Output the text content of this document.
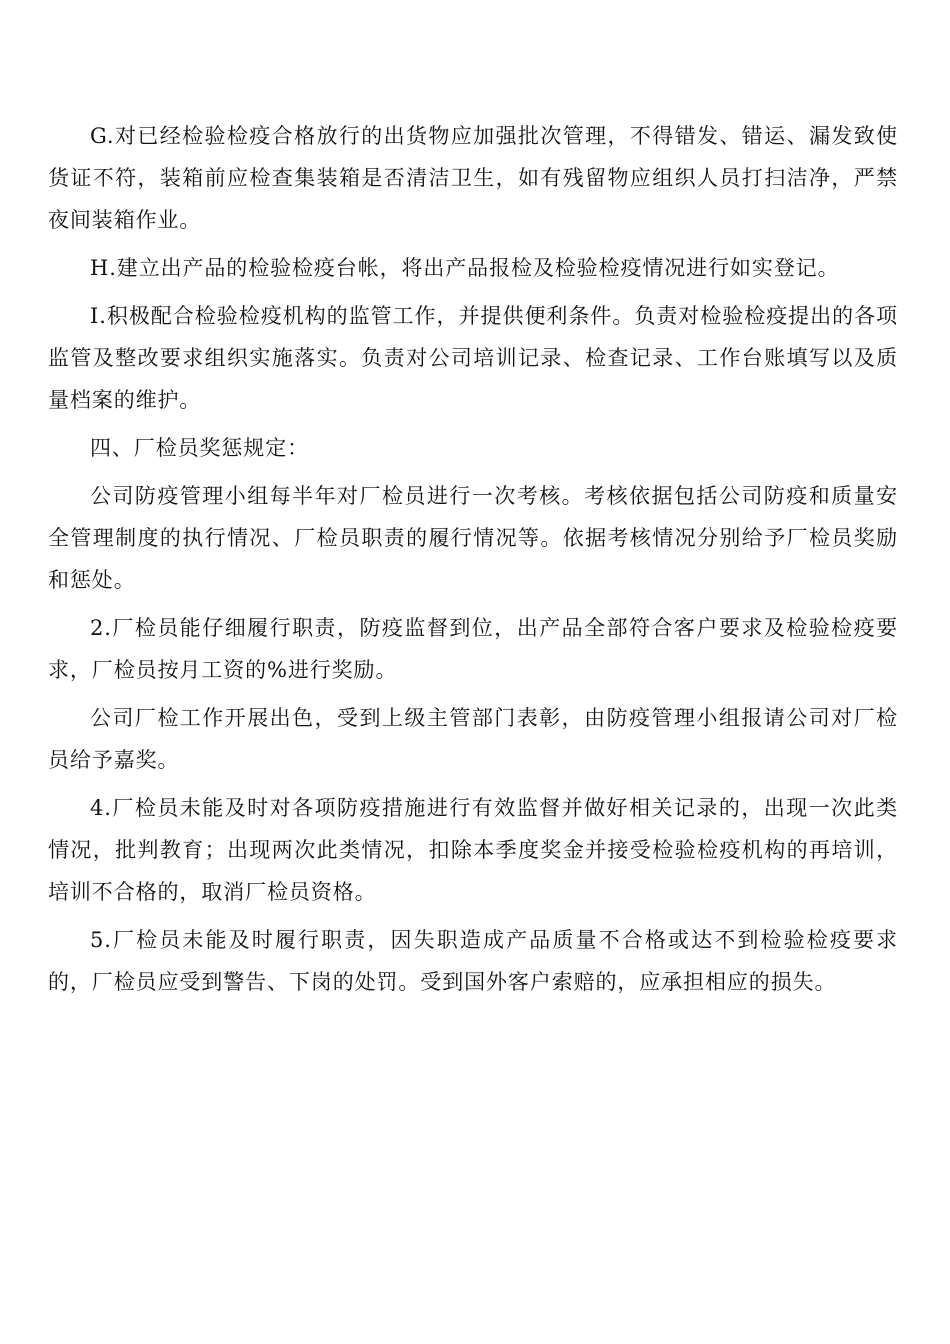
G.对已经检验检疫合格放行的出货物应加强批次管理，不得错发、错运、漏发致使货证不符，装箱前应检查集装箱是否清洁卫生，如有残留物应组织人员打扫洁净，严禁夜间装箱作业。

H.建立出产品的检验检疫台帐，将出产品报检及检验检疫情况进行如实登记。

I.积极配合检验检疫机构的监管工作，并提供便利条件。负责对检验检疫提出的各项监管及整改要求组织实施落实。负责对公司培训记录、检查记录、工作台账填写以及质量档案的维护。

四、厂检员奖惩规定：

公司防疫管理小组每半年对厂检员进行一次考核。考核依据包括公司防疫和质量安全管理制度的执行情况、厂检员职责的履行情况等。依据考核情况分别给予厂检员奖励和惩处。

2.厂检员能仔细履行职责，防疫监督到位，出产品全部符合客户要求及检验检疫要求，厂检员按月工资的%进行奖励。

公司厂检工作开展出色，受到上级主管部门表彰，由防疫管理小组报请公司对厂检员给予嘉奖。

4.厂检员未能及时对各项防疫措施进行有效监督并做好相关记录的，出现一次此类情况，批判教育；出现两次此类情况，扣除本季度奖金并接受检验检疫机构的再培训，培训不合格的，取消厂检员资格。

5.厂检员未能及时履行职责，因失职造成产品质量不合格或达不到检验检疫要求的，厂检员应受到警告、下岗的处罚。受到国外客户索赔的，应承担相应的损失。
